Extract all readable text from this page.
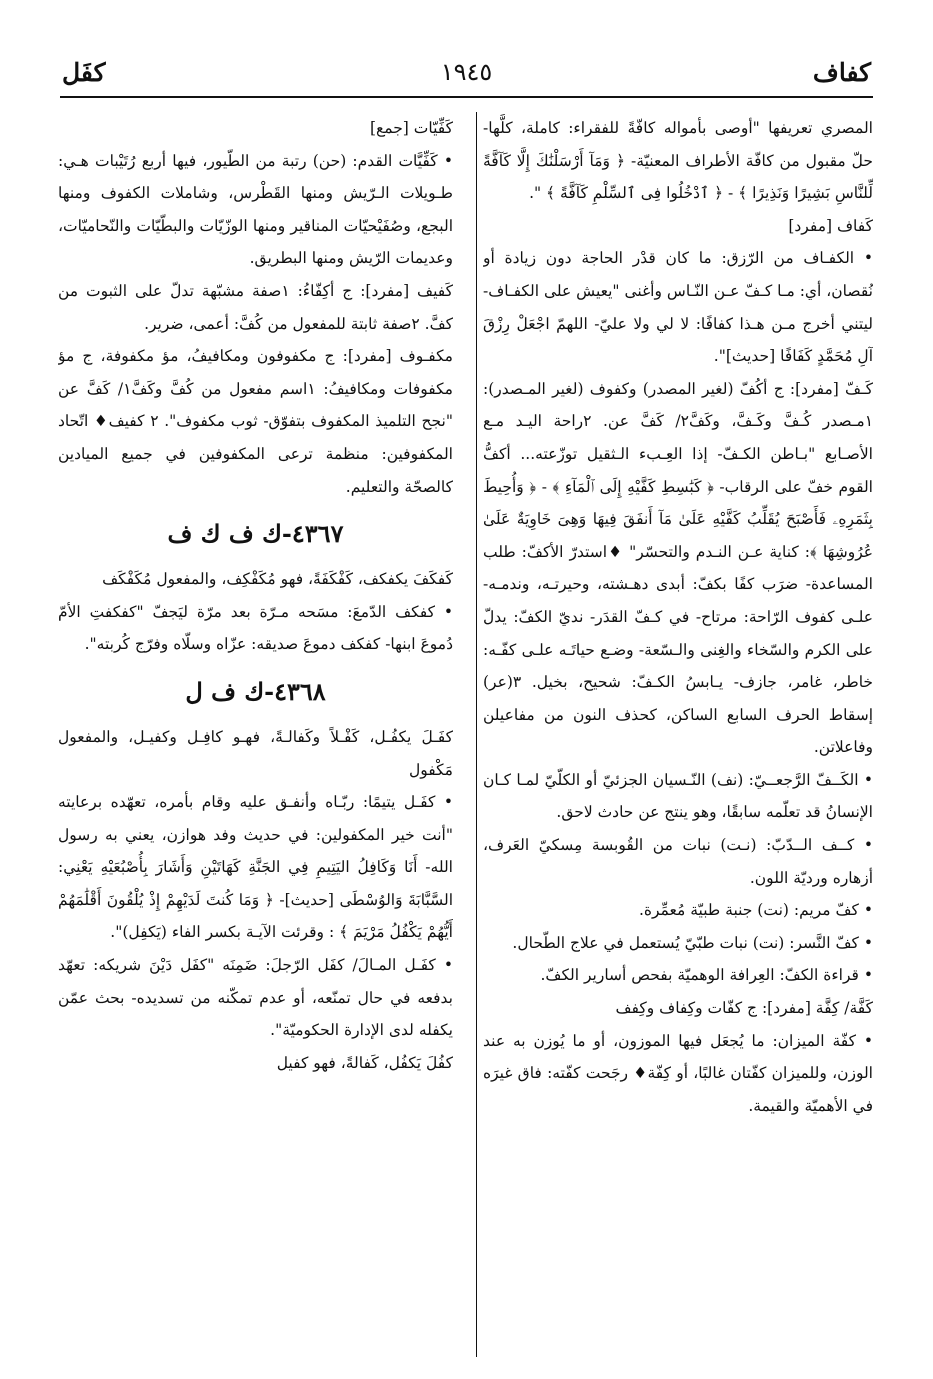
كفاف
١٩٤٥
كفَل

المصري تعريفها "أوصى بأمواله كافّةً للفقراء: كاملة، كلَّها- حلّ مقبول من كافّة الأطراف المعنيّة- ﴿ وَمَآ أَرْسَلْنَٰكَ إِلَّا كَآفَّةً لِّلنَّاسِ بَشِيرًا وَنَذِيرًا ﴾ - ﴿ ٱدْخُلُوا فِى ٱلسِّلْمِ كَآفَّةً ﴾ ".

كَفاف [مفرد]

• الكفـاف من الرّزق: ما كان قدْر الحاجة دون زيادة أو نُقصان، أي: مـا كـفّ عـن النّـاس وأغنى "يعيش على الكفـاف- ليتني أخرج مـن هـذا كفافًا: لا لي ولا عليّ- اللهمّ اجْعَلْ رِزْقَ آلِ مُحَمَّدٍ كَفَافًا [حديث]".

كَـفّ [مفرد]: ج أكُفّ (لغير المصدر) وكفوف (لغير المـصدر): ١مـصدر كُـفَّ وكَـفَّ، وكَفَّ٢/ كَفَّ عن. ٢راحة اليـد مـع الأصـابع "بـاطن الكـفّ- إذا العِـبء الـثقيل توزّعته... أكفُّ القوم خفّ على الرقاب- ﴿ كَبَٰسِطِ كَفَّيْهِ إِلَى ٱلْمَآءِ ﴾ - ﴿ وَأُحِيطَ بِثَمَرِهِۦ فَأَصْبَحَ يُقَلِّبُ كَفَّيْهِ عَلَىٰ مَآ أَنفَقَ فِيهَا وَهِىَ خَاوِيَةٌ عَلَىٰ عُرُوشِهَا ﴾: كناية عـن النـدم والتحسّر" ♦استدرّ الأكفّ: طلب المساعدة- ضرَب كفًا بكفّ: أبدى دهـشته، وحيرتـه، وندمـه- علـى كفوف الرّاحة: مرتاح- في كـفّ القدَر- نديّ الكفّ: يدلّ على الكرم والسّخاء والغِنى والـسّعة- وضـع حياتَـه علـى كفّـه: خاطر، غامر، جازف- يـابسُ الكـفّ: شحيح، بخيل. ٣(عر) إسقاط الحرف السابع الساكن، كحذف النون من مفاعيلن وفاعلاتن.

• الكَــفّ الرَّجعــيّ: (نف) النّـسيان الجزئيّ أو الكلّيّ لمـا كـان الإنسانُ قد تعلّمه سابقًا، وهو ينتج عن حادث لاحق.

• كــف الــدّبّ: (نـت) نبات من القُوبسة مِسكيّ العَرف، أزهاره ورديّة اللون.

• كفّ مريم: (نت) جنبة طبيّة مُعمِّرة.

• كفّ النَّسر: (نت) نبات طبّيّ يُستعمل في علاج الطّحال.

• قراءة الكفّ: العِرافة الوهميّة بفحص أسارير الكفّ.

كَفَّة/ كِفَّة [مفرد]: ج كفّات وكِفاف وكِفف

• كفّة الميزان: ما يُجعَل فيها الموزون، أو ما يُوزن به عند الوزن، وللميزان كفّتان غالبًا، أو كِفّة♦ رجَحت كفّته: فاق غيرَه في الأهميّة والقيمة.

كَفِّيّات [جمع]

• كَفِّيَّات القدم: (حن) رتبة من الطّيور، فيها أربع رُتَيْبات هـي: طـويلات الـرّيش ومنها القَطْرس، وشاملات الكفوف ومنها البجع، وصُفَيْحيّات المناقير ومنها الوزّيّات والبطّيّات والنّحاميّات، وعديمات الرّيش ومنها البطريق.

كَفيف [مفرد]: ج أكِفّاءُ: ١صفة مشبّهة تدلّ على الثبوت من كفَّ. ٢صفة ثابتة للمفعول من كُفَّ: أعمى، ضرير.

مكفـوف [مفرد]: ج مكفوفون ومكافيفُ، مؤ مكفوفة، ج مؤ مكفوفات ومكافيفُ: ١اسم مفعول من كُفَّ وكَفَّ١/ كَفَّ عن "نجح التلميذ المكفوف بتفوّق- ثوب مكفوف". ٢ كفيف♦ اتّحاد المكفوفين: منظمة ترعى المكفوفين في جميع الميادين كالصحّة والتعليم.

٤٣٦٧-ك ف ك ف

كَفكَفَ يكفكف، كَفْكَفَةً، فهو مُكَفْكِف، والمفعول مُكَفْكَف

• كفكف الدّمعَ: مسَحه مـرّة بعد مرّة ليَجفّ "كفكفتِ الأمّ دُموعَ ابنها- كفكف دموعَ صديقه: عزّاه وسلّاه وفرّج كُربته".

٤٣٦٨-ك ف ل

كفَـلَ يكفُـل، كَفْـلاً وكَفالـةً، فهـو كافِـل وكفيـل، والمفعول مَكْفول

• كفَـل يتيمًا: ربّـاه وأنفـق عليه وقام بأمره، تعهّده برعايته "أنت خير المكفولين: في حديث وفد هوازن، يعني به رسول الله- أَنَا وَكَافِلُ اليَتِيمِ فِي الجَنَّةِ كَهَاتَيْنِ وَأَشَارَ بِأُصْبُعَيْهِ يَعْنِي: السَّبَّابَةَ وَالوُسْطَى [حديث]- ﴿ وَمَا كُنتَ لَدَيْهِمْ إِذْ يُلْقُونَ أَقْلَٰمَهُمْ أَيُّهُمْ يَكْفُلُ مَرْيَمَ ﴾ : وقرئت الآيـة بكسر الفاء (يَكفِل)".

• كفَـل المـالَ/ كفَل الرّجلَ: ضَمِنَه "كفَل دَيْنَ شريكه: تعهّد بدفعه في حال تمنّعه، أو عدم تمكّنه من تسديده- بحث عمّن يكفله لدى الإدارة الحكوميّة".

كفُلَ يَكفُل، كَفالةً، فهو كفيل
